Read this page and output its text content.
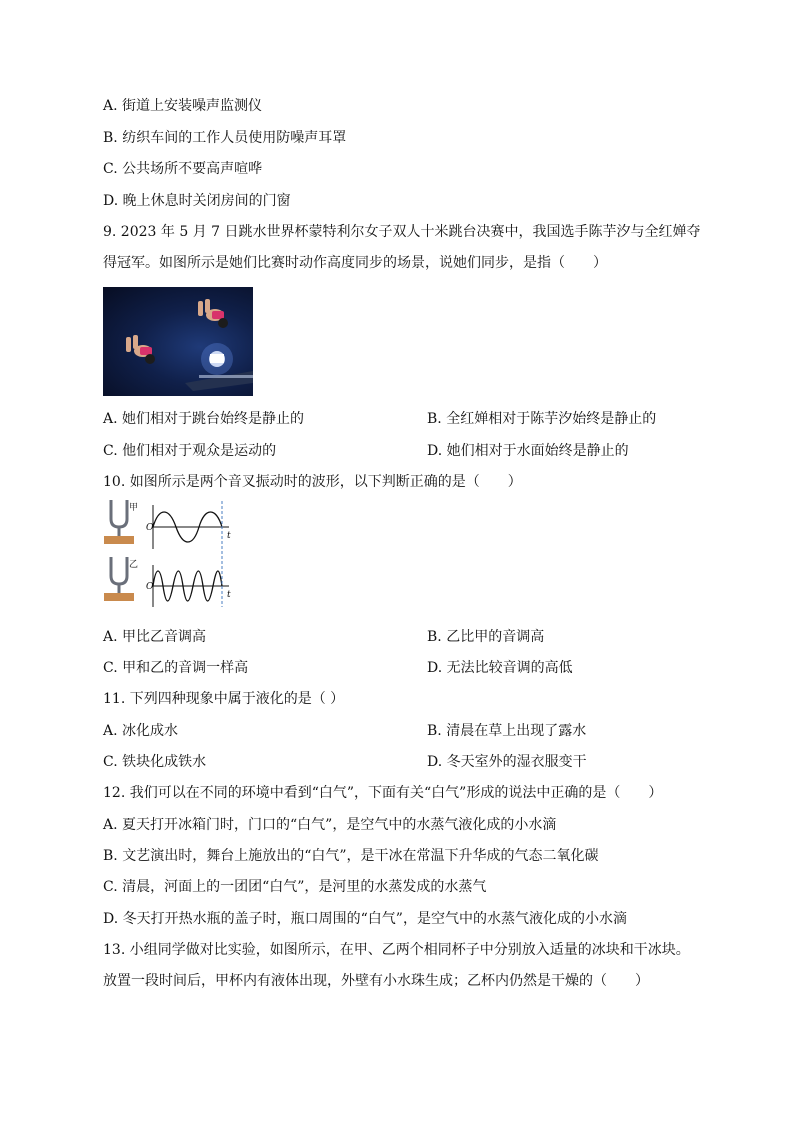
A. 街道上安装噪声监测仪
B. 纺织车间的工作人员使用防噪声耳罩
C. 公共场所不要高声喧哗
D. 晚上休息时关闭房间的门窗
9. 2023 年 5 月 7 日跳水世界杯蒙特利尔女子双人十米跳台决赛中，我国选手陈芋汐与全红婵夺
得冠军。如图所示是她们比赛时动作高度同步的场景，说她们同步，是指（　　）
A. 她们相对于跳台始终是静止的	B. 全红婵相对于陈芋汐始终是静止的
C. 他们相对于观众是运动的	D. 她们相对于水面始终是静止的
10. 如图所示是两个音叉振动时的波形，以下判断正确的是（　　）
甲
乙
O
t
O
t
A. 甲比乙音调高	B. 乙比甲的音调高
C. 甲和乙的音调一样高	D. 无法比较音调的高低
11. 下列四种现象中属于液化的是（ ）
A. 冰化成水	B. 清晨在草上出现了露水
C. 铁块化成铁水	D. 冬天室外的湿衣服变干
12. 我们可以在不同的环境中看到“白气”，下面有关“白气”形成的说法中正确的是（　　）
A. 夏天打开冰箱门时，门口的“白气”，是空气中的水蒸气液化成的小水滴
B. 文艺演出时，舞台上施放出的“白气”，是干冰在常温下升华成的气态二氧化碳
C. 清晨，河面上的一团团“白气”，是河里的水蒸发成的水蒸气
D. 冬天打开热水瓶的盖子时，瓶口周围的“白气”，是空气中的水蒸气液化成的小水滴
13. 小组同学做对比实验，如图所示，在甲、乙两个相同杯子中分别放入适量的冰块和干冰块。
放置一段时间后，甲杯内有液体出现，外壁有小水珠生成；乙杯内仍然是干燥的（　　）
